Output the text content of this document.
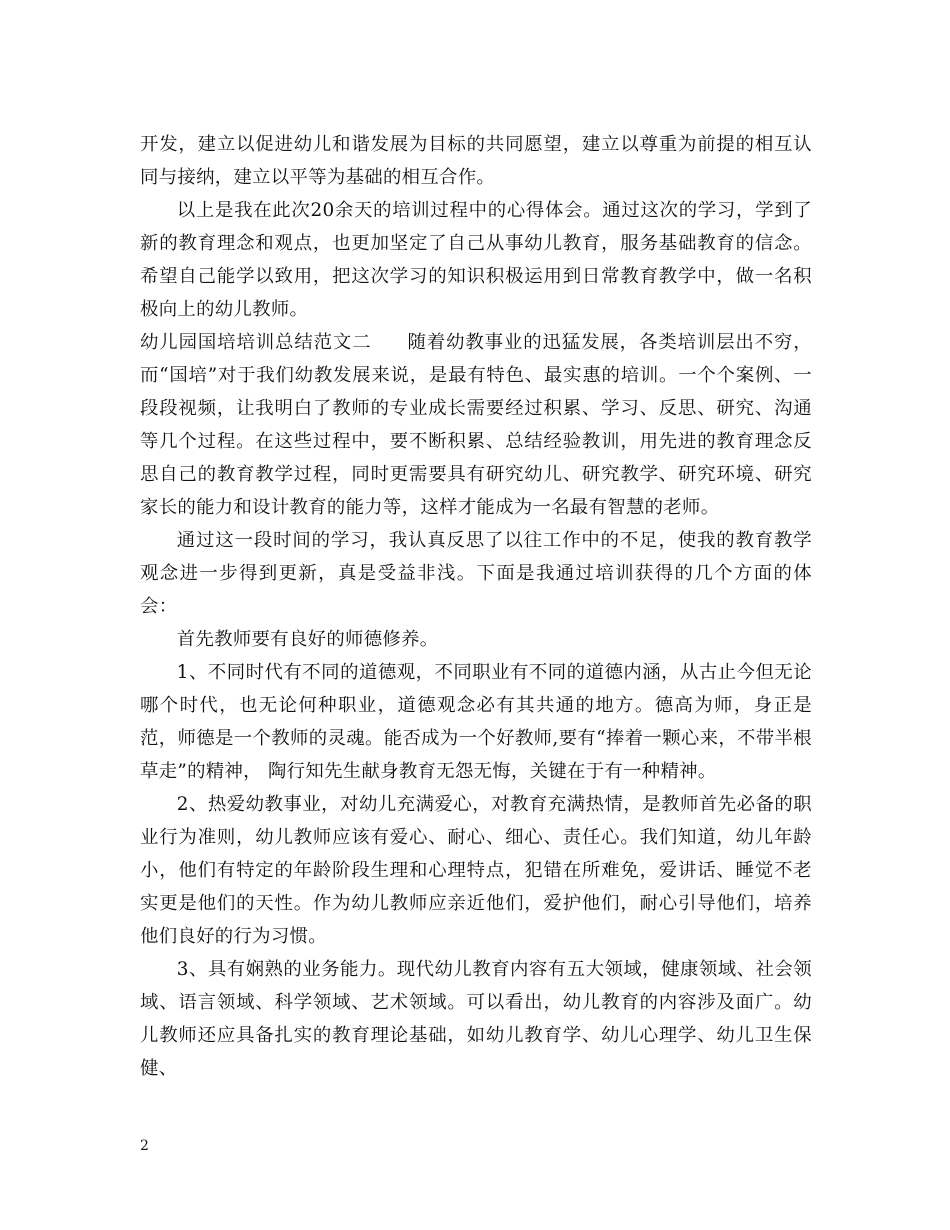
开发，建立以促进幼儿和谐发展为目标的共同愿望，建立以尊重为前提的相互认同与接纳，建立以平等为基础的相互合作。

以上是我在此次20余天的培训过程中的心得体会。通过这次的学习，学到了新的教育理念和观点，也更加坚定了自己从事幼儿教育，服务基础教育的信念。希望自己能学以致用，把这次学习的知识积极运用到日常教育教学中，做一名积极向上的幼儿教师。

幼儿园国培培训总结范文二 随着幼教事业的迅猛发展，各类培训层出不穷，而“国培”对于我们幼教发展来说，是最有特色、最实惠的培训。一个个案例、一段段视频，让我明白了教师的专业成长需要经过积累、学习、反思、研究、沟通等几个过程。在这些过程中，要不断积累、总结经验教训，用先进的教育理念反思自己的教育教学过程，同时更需要具有研究幼儿、研究教学、研究环境、研究家长的能力和设计教育的能力等，这样才能成为一名最有智慧的老师。

通过这一段时间的学习，我认真反思了以往工作中的不足，使我的教育教学观念进一步得到更新，真是受益非浅。下面是我通过培训获得的几个方面的体会：

首先教师要有良好的师德修养。

1、不同时代有不同的道德观，不同职业有不同的道德内涵，从古止今但无论哪个时代，也无论何种职业，道德观念必有其共通的地方。德高为师，身正是范，师德是一个教师的灵魂。能否成为一个好教师,要有“捧着一颗心来，不带半根草走”的精神， 陶行知先生献身教育无怨无悔，关键在于有一种精神。

2、热爱幼教事业，对幼儿充满爱心，对教育充满热情，是教师首先必备的职业行为准则，幼儿教师应该有爱心、耐心、细心、责任心。我们知道，幼儿年龄小，他们有特定的年龄阶段生理和心理特点，犯错在所难免，爱讲话、睡觉不老实更是他们的天性。作为幼儿教师应亲近他们，爱护他们，耐心引导他们，培养他们良好的行为习惯。

3、具有娴熟的业务能力。现代幼儿教育内容有五大领域，健康领域、社会领域、语言领域、科学领域、艺术领域。可以看出，幼儿教育的内容涉及面广。幼儿教师还应具备扎实的教育理论基础，如幼儿教育学、幼儿心理学、幼儿卫生保健、

2
